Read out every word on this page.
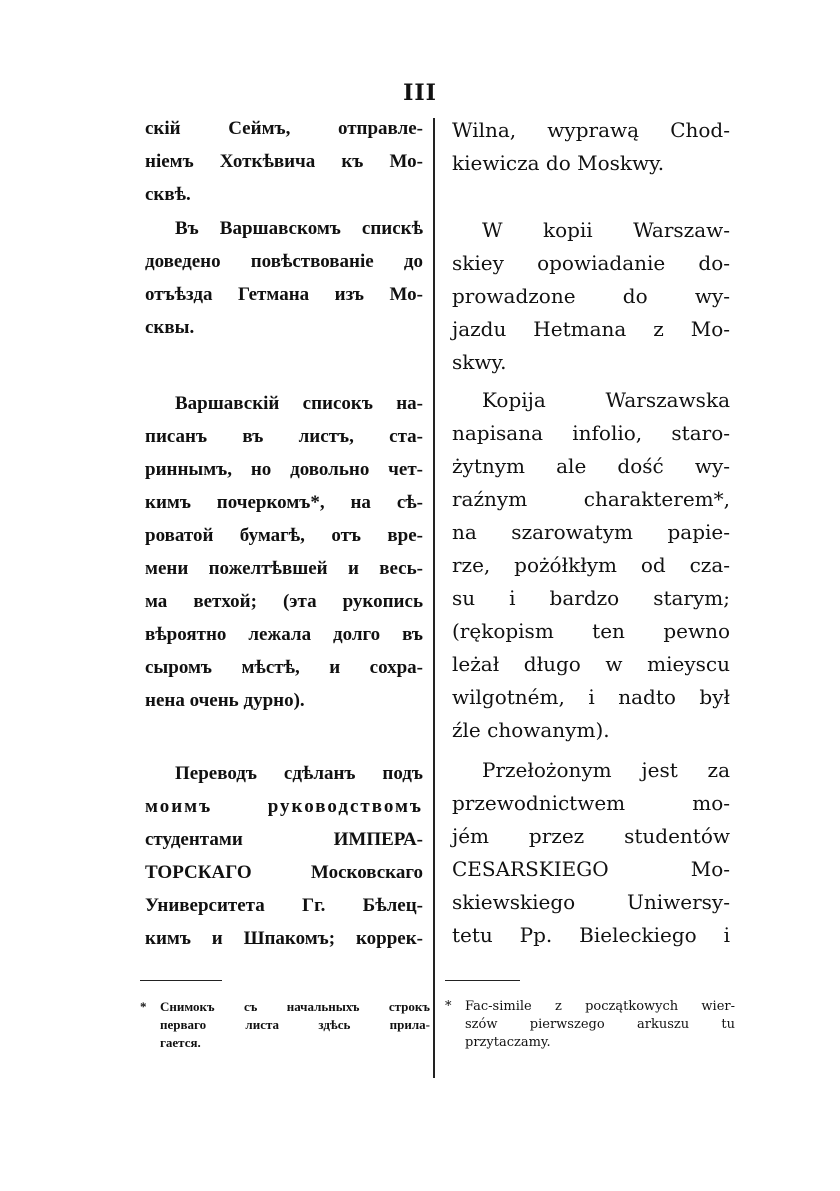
III
скій Сеймъ, отправле-
ніемъ Хоткѣвича къ Мо-
сквѣ.
Въ Варшавскомъ спискѣ
доведено повѣствованіе до
отъѣзда Гетмана изъ Мо-
сквы.
Варшавскій списокъ на-
писанъ въ листъ, ста-
риннымъ, но довольно чет-
кимъ почеркомъ*, на сѣ-
роватой бумагѣ, отъ вре-
мени пожелтѣвшей и весь-
ма ветхой; (эта рукопись
вѣроятно лежала долго въ
сыромъ мѣстѣ, и сохра-
нена очень дурно).
Переводъ сдѣланъ подъ
моимъ руководствомъ
студентами ИМПЕРА-
ТОРСКАГО Московскаго
Университета Гг. Бѣлец-
кимъ и Шпакомъ; коррек-
Wilna, wyprawą Chod-
kiewicza do Moskwy.
W kopii Warszaw-
skiey opowiadanie do-
prowadzone do wy-
jazdu Hetmana z Mo-
skwy.
Kopija Warszawska
napisana infolio, staro-
żytnym ale dość wy-
raźnym charakterem*,
na szarowatym papie-
rze, pożółkłym od cza-
su i bardzo starym;
(rękopism ten pewno
leżał długo w mieyscu
wilgotném, i nadto był
źle chowanym).
Przełożonym jest za
przewodnictwem mo-
jém przez studentów
CESARSKIEGO Mo-
skiewskiego Uniwersy-
tetu Pp. Bieleckiego i
* Снимокъ съ начальныхъ строкъ
перваго листа здѣсь прила-
гается.
* Fac-simile z początkowych wier-
szów pierwszego arkuszu tu
przytaczamy.
